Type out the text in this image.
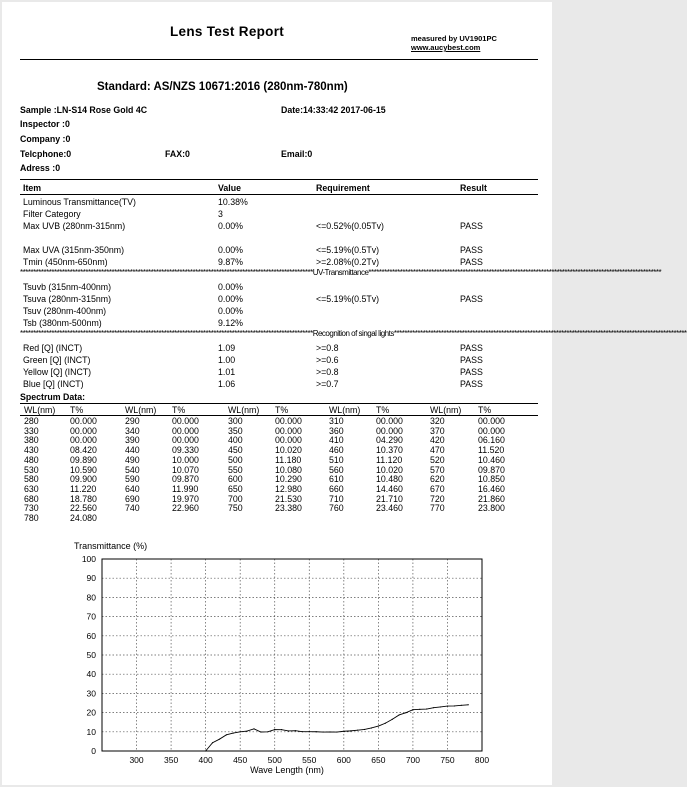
Lens Test Report	measured by UV1901PC
www.aucybest.com
Standard: AS/NZS 10671:2016 (280nm-780nm)
Sample :LN-S14 Rose Gold 4C	Date:14:33:42 2017-06-15
Inspector :0
Company :0
Telcphone:0	FAX:0	Email:0
Adress :0
Item	Value	Requirement	Result
Luminous Transmittance(TV)	10.38%
Filter Category	3
Max UVB (280nm-315nm)	0.00%	<=0.52%(0.05Tv)	PASS
Max UVA (315nm-350nm)	0.00%	<=5.19%(0.5Tv)	PASS
Tmin (450nm-650nm)	9.87%	>=2.08%(0.2Tv)	PASS
Tsuvb (315nm-400nm)	0.00%
Tsuva (280nm-315nm)	0.00%	<=5.19%(0.5Tv)	PASS
Tsuv (280nm-400nm)	0.00%
Tsb (380nm-500nm)	9.12%
Red [Q] (INCT)	1.09	>=0.8	PASS
Green [Q] (INCT)	1.00	>=0.6	PASS
Yellow [Q] (INCT)	1.01	>=0.8	PASS
Blue [Q] (INCT)	1.06	>=0.7	PASS
****************************************************************************************************************UV-Transmittance****************************************************************************************************************
****************************************************************************************************************Recognition of singal lights****************************************************************************************************************
Spectrum Data:
WL(nm) T%	WL(nm) T%	WL(nm) T%	WL(nm) T%	WL(nm) T%
280	00.000	290	00.000	300	00.000	310	00.000	320	00.000
330	00.000	340	00.000	350	00.000	360	00.000	370	00.000
380	00.000	390	00.000	400	00.000	410	04.290	420	06.160
430	08.420	440	09.330	450	10.020	460	10.370	470	11.520
480	09.890	490	10.000	500	11.180	510	11.120	520	10.460
530	10.590	540	10.070	550	10.080	560	10.020	570	09.870
580	09.900	590	09.870	600	10.290	610	10.480	620	10.850
630	11.220	640	11.990	650	12.980	660	14.460	670	16.460
680	18.780	690	19.970	700	21.530	710	21.710	720	21.860
730	22.560	740	22.960	750	23.380	760	23.460	770	23.800
780	24.080
Transmittance (%)
0
10
20
30
40
50
60
70
80
90
100
300 350 400 450 500 550 600 650 700 750 800
Wave Length (nm)
